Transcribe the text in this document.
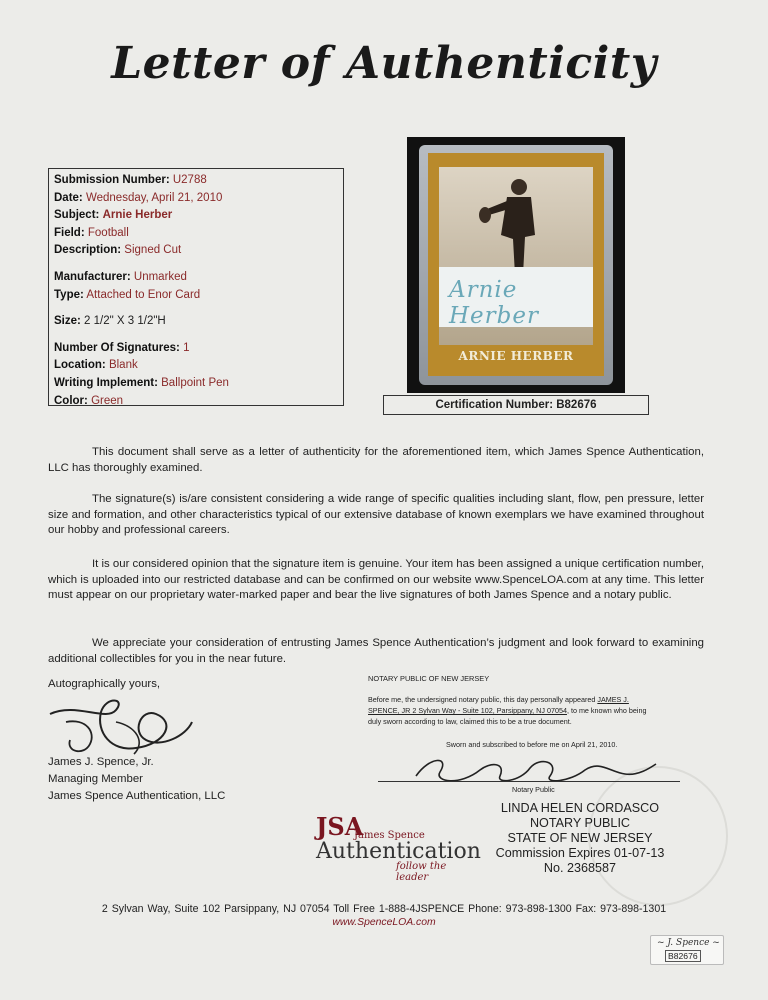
Letter of Authenticity
Submission Number: U2788
Date: Wednesday, April 21, 2010
Subject: Arnie Herber
Field: Football
Description: Signed Cut
Manufacturer: Unmarked
Type: Attached to Enor Card
Size: 2 1/2" X 3 1/2"H
Number Of Signatures: 1
Location: Blank
Writing Implement: Ballpoint Pen
Color: Green
Arnie Herber
ARNIE HERBER
Certification Number: B82676
This document shall serve as a letter of authenticity for the aforementioned item, which James Spence Authentication, LLC has thoroughly examined.
The signature(s) is/are consistent considering a wide range of specific qualities including slant, flow, pen pressure, letter size and formation, and other characteristics typical of our extensive database of known exemplars we have examined throughout our hobby and professional careers.
It is our considered opinion that the signature item is genuine. Your item has been assigned a unique certification number, which is uploaded into our restricted database and can be confirmed on our website www.SpenceLOA.com at any time. This letter must appear on our proprietary water-marked paper and bear the live signatures of both James Spence and a notary public.
We appreciate your consideration of entrusting James Spence Authentication’s judgment and look forward to examining additional collectibles for you in the near future.
Autographically yours,
James J. Spence, Jr.
Managing Member
James Spence Authentication, LLC
NOTARY PUBLIC OF NEW JERSEY
Before me, the undersigned notary public, this day personally appeared JAMES J. SPENCE, JR 2 Sylvan Way - Suite 102, Parsippany, NJ 07054, to me known who being duly sworn according to law, claimed this to be a true document.
Sworn and subscribed to before me on April 21, 2010.
Notary Public
LINDA HELEN CORDASCO
NOTARY PUBLIC
STATE OF NEW JERSEY
Commission Expires 01-07-13
No. 2368587
JSA
James Spence
Authentication
follow the leader
2 Sylvan Way, Suite 102 Parsippany, NJ 07054 Toll Free 1-888-4JSPENCE Phone: 973-898-1300 Fax: 973-898-1301
www.SpenceLOA.com
~ J. Spence ~
B82676
